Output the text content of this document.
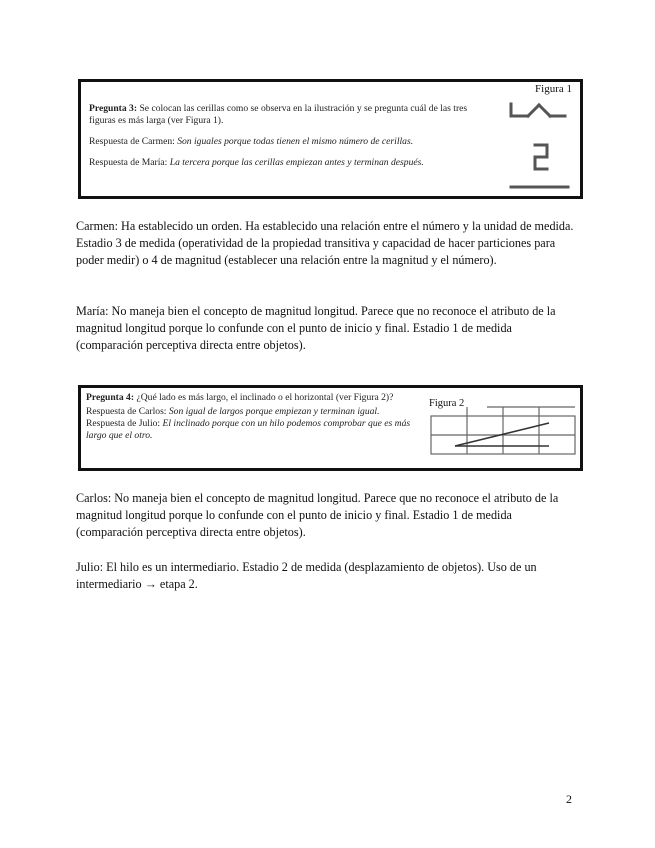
Figura 1

Pregunta 3: Se colocan las cerillas como se observa en la ilustración y se pregunta cuál de las tres figuras es más larga (ver Figura 1).

Respuesta de Carmen: Son iguales porque todas tienen el mismo número de cerillas.

Respuesta de María: La tercera porque las cerillas empiezan antes y terminan después.

Carmen: Ha establecido un orden. Ha establecido una relación entre el número y la unidad de medida. Estadio 3 de medida (operatividad de la propiedad transitiva y capacidad de hacer particiones para poder medir) o 4 de magnitud (establecer una relación entre la magnitud y el número).

María: No maneja bien el concepto de magnitud longitud. Parece que no reconoce el atributo de la magnitud longitud porque lo confunde con el punto de inicio y final. Estadio 1 de medida (comparación perceptiva directa entre objetos).

Pregunta 4: ¿Qué lado es más largo, el inclinado o el horizontal (ver Figura 2)?

Respuesta de Carlos: Son igual de largos porque empiezan y terminan igual.

Respuesta de Julio: El inclinado porque con un hilo podemos comprobar que es más largo que el otro.

Figura 2

Carlos: No maneja bien el concepto de magnitud longitud. Parece que no reconoce el atributo de la magnitud longitud porque lo confunde con el punto de inicio y final. Estadio 1 de medida (comparación perceptiva directa entre objetos).

Julio: El hilo es un intermediario. Estadio 2 de medida (desplazamiento de objetos). Uso de un intermediario → etapa 2.

2
